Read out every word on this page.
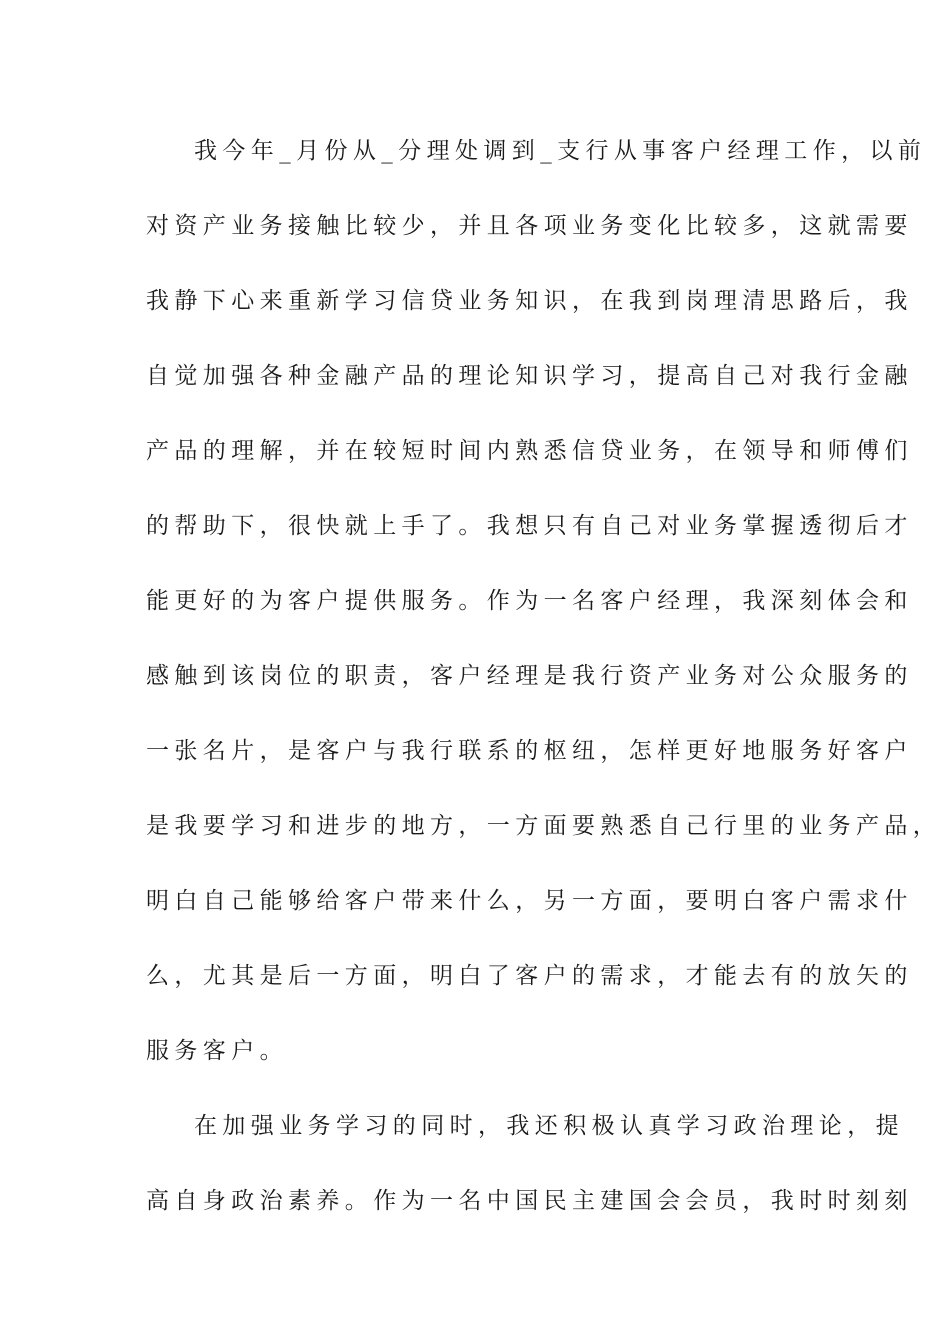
我今年_月份从_分理处调到_支行从事客户经理工作，以前
对资产业务接触比较少，并且各项业务变化比较多，这就需要
我静下心来重新学习信贷业务知识，在我到岗理清思路后，我
自觉加强各种金融产品的理论知识学习，提高自己对我行金融
产品的理解，并在较短时间内熟悉信贷业务，在领导和师傅们
的帮助下，很快就上手了。我想只有自己对业务掌握透彻后才
能更好的为客户提供服务。作为一名客户经理，我深刻体会和
感触到该岗位的职责，客户经理是我行资产业务对公众服务的
一张名片，是客户与我行联系的枢纽，怎样更好地服务好客户
是我要学习和进步的地方，一方面要熟悉自己行里的业务产品，
明白自己能够给客户带来什么，另一方面，要明白客户需求什
么，尤其是后一方面，明白了客户的需求，才能去有的放矢的
服务客户。
在加强业务学习的同时，我还积极认真学习政治理论，提
高自身政治素养。作为一名中国民主建国会会员，我时时刻刻
